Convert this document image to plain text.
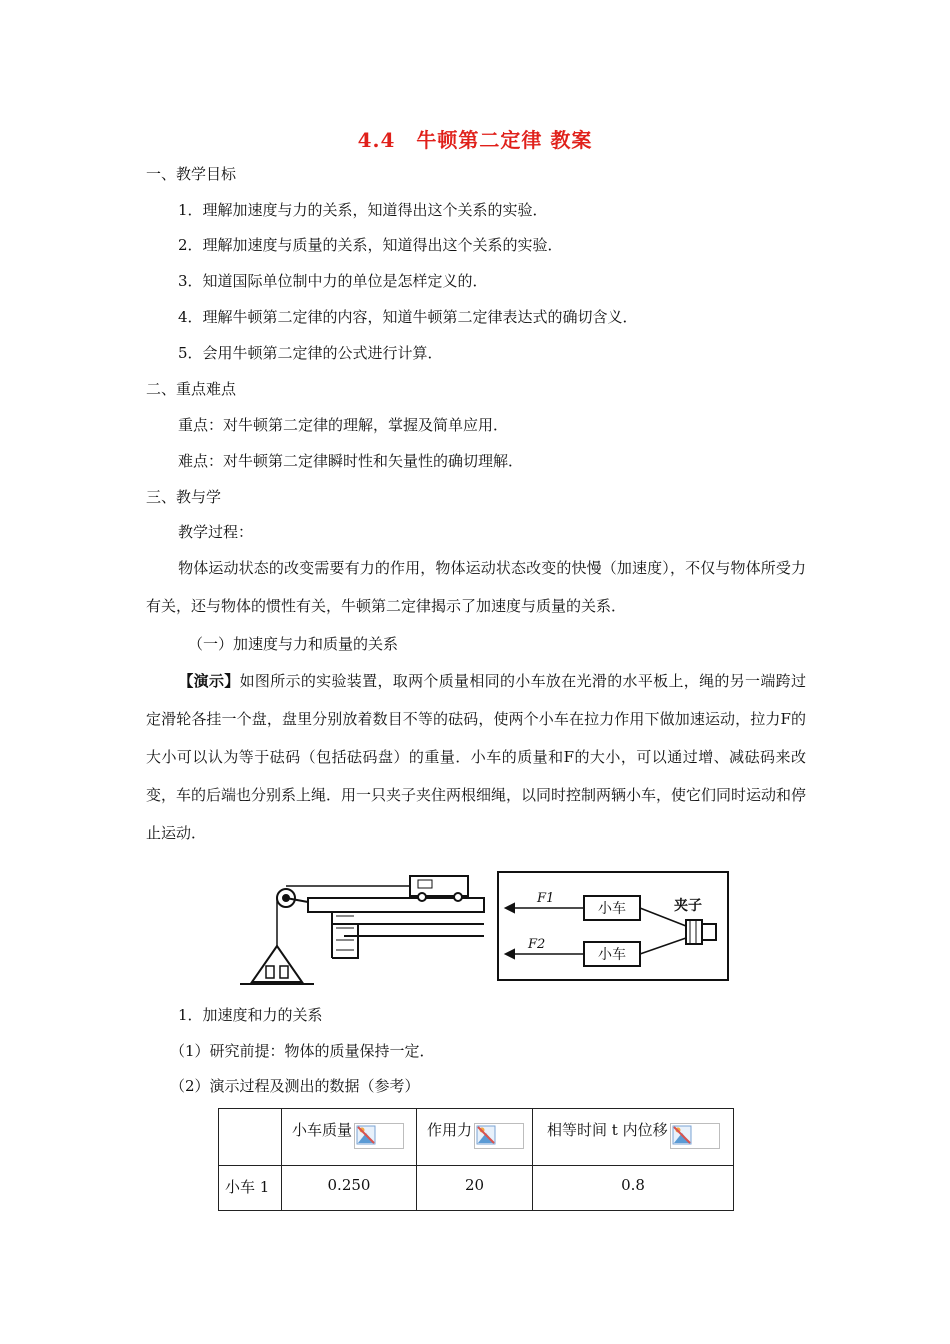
4.4　牛顿第二定律 教案
一、教学目标
1．理解加速度与力的关系，知道得出这个关系的实验．
2．理解加速度与质量的关系，知道得出这个关系的实验．
3．知道国际单位制中力的单位是怎样定义的．
4．理解牛顿第二定律的内容，知道牛顿第二定律表达式的确切含义．
5．会用牛顿第二定律的公式进行计算．
二、重点难点
重点：对牛顿第二定律的理解，掌握及简单应用．
难点：对牛顿第二定律瞬时性和矢量性的确切理解．
三、教与学
教学过程：
物体运动状态的改变需要有力的作用，物体运动状态改变的快慢（加速度），不仅与物体所受力有关，还与物体的惯性有关，牛顿第二定律揭示了加速度与质量的关系．
（一）加速度与力和质量的关系
【演示】如图所示的实验装置，取两个质量相同的小车放在光滑的水平板上，绳的另一端跨过定滑轮各挂一个盘，盘里分别放着数目不等的砝码，使两个小车在拉力作用下做加速运动，拉力F的大小可以认为等于砝码（包括砝码盘）的重量．小车的质量和F的大小，可以通过增、减砝码来改变，车的后端也分别系上绳．用一只夹子夹住两根细绳，以同时控制两辆小车，使它们同时运动和停止运动．
F1
F2
小车
小车
夹子
1．加速度和力的关系
（1）研究前提：物体的质量保持一定．
（2）演示过程及测出的数据（参考）

	小车质量	作用力	相等时间 t 内位移

小车 1	0.250	20	0.8
